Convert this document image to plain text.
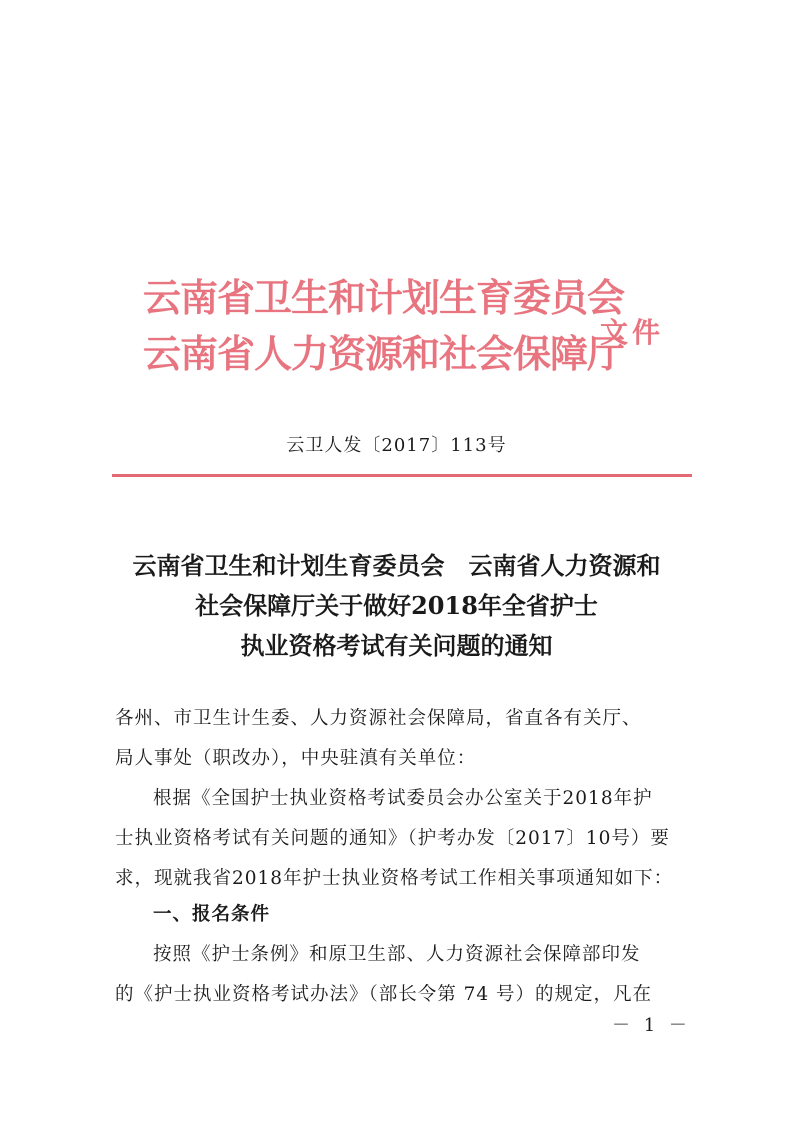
云南省卫生和计划生育委员会
云南省人力资源和社会保障厅
文件
云卫人发〔2017〕113号
云南省卫生和计划生育委员会　云南省人力资源和
社会保障厅关于做好2018年全省护士
执业资格考试有关问题的通知
各州、市卫生计生委、人力资源社会保障局，省直各有关厅、
局人事处（职改办），中央驻滇有关单位：
根据《全国护士执业资格考试委员会办公室关于2018年护
士执业资格考试有关问题的通知》（护考办发〔2017〕10号）要
求，现就我省2018年护士执业资格考试工作相关事项通知如下：
一、报名条件
按照《护士条例》和原卫生部、人力资源社会保障部印发
的《护士执业资格考试办法》（部长令第 74 号）的规定，凡在
－ 1 －
